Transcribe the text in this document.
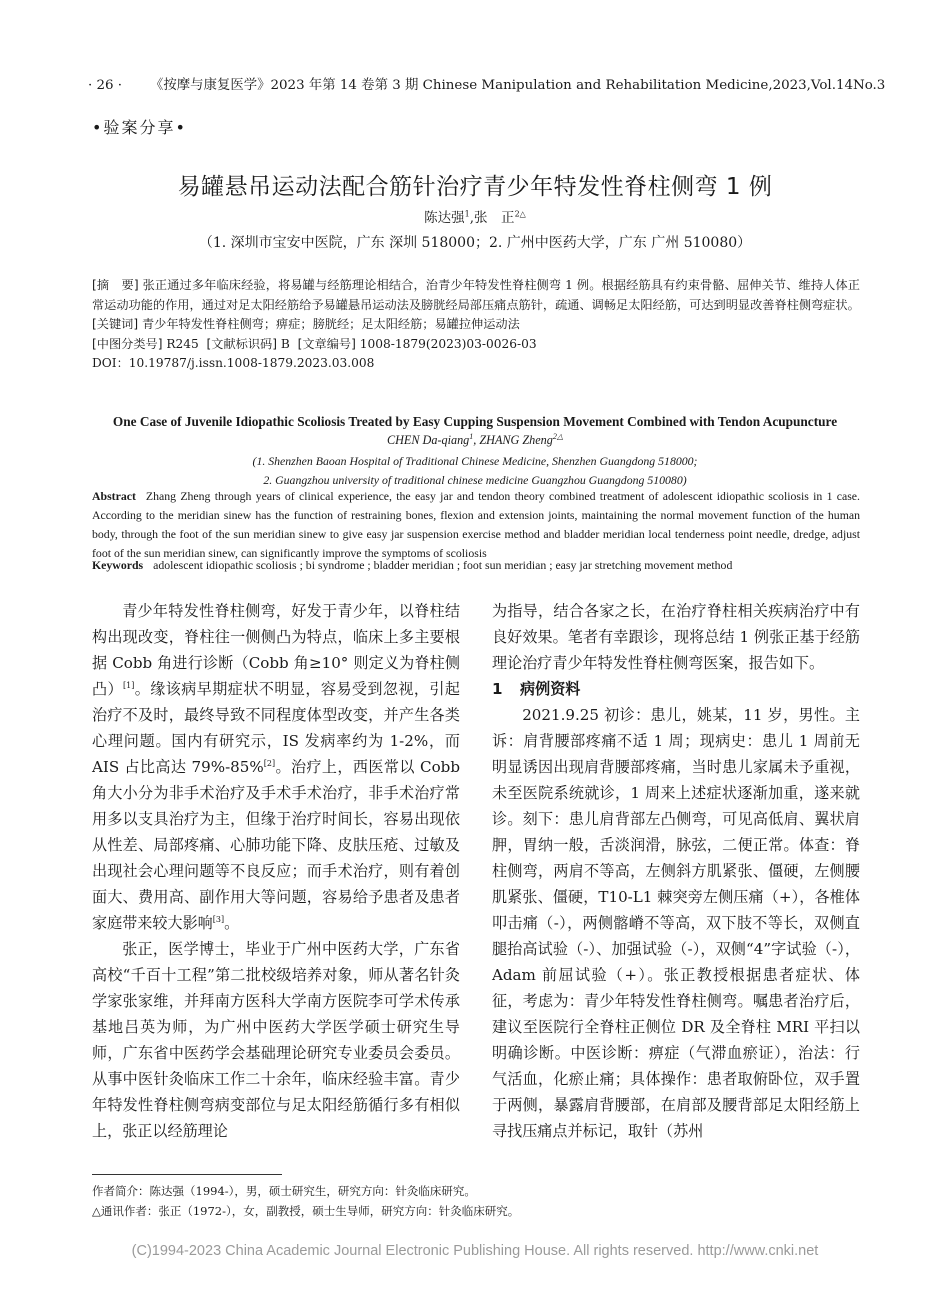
· 26 · 《按摩与康复医学》2023 年第 14 卷第 3 期 Chinese Manipulation and Rehabilitation Medicine,2023,Vol.14No.3
•验案分享•
易罐悬吊运动法配合筋针治疗青少年特发性脊柱侧弯 1 例
陈达强$^1$,张　正$^{2\triangle}$
（1. 深圳市宝安中医院，广东 深圳 518000；2. 广州中医药大学，广东 广州 510080）

[摘　要] 张正通过多年临床经验，将易罐与经筋理论相结合，治青少年特发性脊柱侧弯 1 例。根据经筋具有约束骨骼、屈伸关节、维持人体正常运动功能的作用，通过对足太阳经筋给予易罐悬吊运动法及膀胱经局部压痛点筋针，疏通、调畅足太阳经筋，可达到明显改善脊柱侧弯症状。

[关键词] 青少年特发性脊柱侧弯；痹症；膀胱经；足太阳经筋；易罐拉伸运动法

[中图分类号] R245 [文献标识码] B [文章编号] 1008-1879(2023)03-0026-03

DOI：10.19787/j.issn.1008-1879.2023.03.008

One Case of Juvenile Idiopathic Scoliosis Treated by Easy Cupping Suspension Movement Combined with Tendon Acupuncture
CHEN Da-qiang$^1$, ZHANG Zheng$^{2\triangle}$
(1. Shenzhen Baoan Hospital of Traditional Chinese Medicine, Shenzhen Guangdong 518000;
2. Guangzhou university of traditional chinese medicine Guangzhou Guangdong 510080)
Abstract Zhang Zheng through years of clinical experience, the easy jar and tendon theory combined treatment of adolescent idiopathic scoliosis in 1 case. According to the meridian sinew has the function of restraining bones, flexion and extension joints, maintaining the normal movement function of the human body, through the foot of the sun meridian sinew to give easy jar suspension exercise method and bladder meridian local tenderness point needle, dredge, adjust foot of the sun meridian sinew, can significantly improve the symptoms of scoliosis
Keywords adolescent idiopathic scoliosis ; bi syndrome ; bladder meridian ; foot sun meridian ; easy jar stretching movement method

青少年特发性脊柱侧弯，好发于青少年，以脊柱结构出现改变，脊柱往一侧侧凸为特点，临床上多主要根据 Cobb 角进行诊断（Cobb 角≥10° 则定义为脊柱侧凸）[1]。缘该病早期症状不明显，容易受到忽视，引起治疗不及时，最终导致不同程度体型改变，并产生各类心理问题。国内有研究示，IS 发病率约为 1-2%，而 AIS 占比高达 79%-85%[2]。治疗上，西医常以 Cobb 角大小分为非手术治疗及手术手术治疗，非手术治疗常用多以支具治疗为主，但缘于治疗时间长，容易出现依从性差、局部疼痛、心肺功能下降、皮肤压疮、过敏及出现社会心理问题等不良反应；而手术治疗，则有着创面大、费用高、副作用大等问题，容易给予患者及患者家庭带来较大影响[3]。

张正，医学博士，毕业于广州中医药大学，广东省高校“千百十工程”第二批校级培养对象，师从著名针灸学家张家维，并拜南方医科大学南方医院李可学术传承基地吕英为师，为广州中医药大学医学硕士研究生导师，广东省中医药学会基础理论研究专业委员会委员。从事中医针灸临床工作二十余年，临床经验丰富。青少年特发性脊柱侧弯病变部位与足太阳经筋循行多有相似上，张正以经筋理论

为指导，结合各家之长，在治疗脊柱相关疾病治疗中有良好效果。笔者有幸跟诊，现将总结 1 例张正基于经筋理论治疗青少年特发性脊柱侧弯医案，报告如下。

1 病例资料

2021.9.25 初诊：患儿，姚某，11 岁，男性。主诉：肩背腰部疼痛不适 1 周；现病史：患儿 1 周前无明显诱因出现肩背腰部疼痛，当时患儿家属未予重视，未至医院系统就诊，1 周来上述症状逐渐加重，遂来就诊。刻下：患儿肩背部左凸侧弯，可见高低肩、翼状肩胛，胃纳一般，舌淡润滑，脉弦，二便正常。体查：脊柱侧弯，两肩不等高，左侧斜方肌紧张、僵硬，左侧腰肌紧张、僵硬，T10-L1 棘突旁左侧压痛（+），各椎体叩击痛（-），两侧髂嵴不等高，双下肢不等长，双侧直腿抬高试验（-）、加强试验（-），双侧“4”字试验（-），Adam 前屈试验（+）。张正教授根据患者症状、体征，考虑为：青少年特发性脊柱侧弯。嘱患者治疗后，建议至医院行全脊柱正侧位 DR 及全脊柱 MRI 平扫以明确诊断。中医诊断：痹症（气滞血瘀证），治法：行气活血，化瘀止痛；具体操作：患者取俯卧位，双手置于两侧，暴露肩背腰部，在肩部及腰背部足太阳经筋上寻找压痛点并标记，取针（苏州

作者简介：陈达强（1994-），男，硕士研究生，研究方向：针灸临床研究。
△通讯作者：张正（1972-），女，副教授，硕士生导师，研究方向：针灸临床研究。
(C)1994-2023 China Academic Journal Electronic Publishing House. All rights reserved. http://www.cnki.net
